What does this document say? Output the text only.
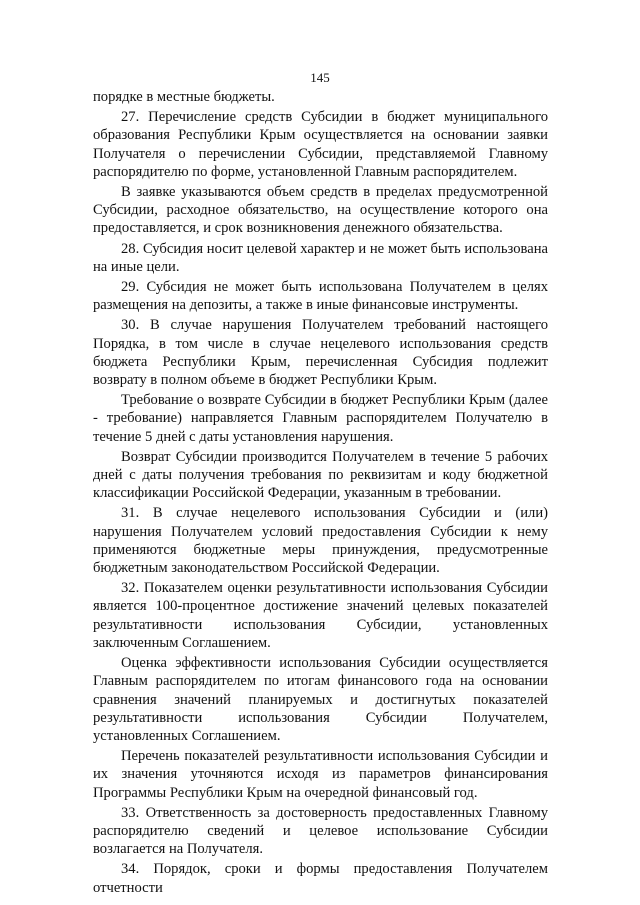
145

порядке в местные бюджеты.

27. Перечисление средств Субсидии в бюджет муниципального образования Республики Крым осуществляется на основании заявки Получателя о перечислении Субсидии, представляемой Главному распорядителю по форме, установленной Главным распорядителем.

В заявке указываются объем средств в пределах предусмотренной Субсидии, расходное обязательство, на осуществление которого она предоставляется, и срок возникновения денежного обязательства.

28. Субсидия носит целевой характер и не может быть использована на иные цели.

29. Субсидия не может быть использована Получателем в целях размещения на депозиты, а также в иные финансовые инструменты.

30. В случае нарушения Получателем требований настоящего Порядка, в том числе в случае нецелевого использования средств бюджета Республики Крым, перечисленная Субсидия подлежит возврату в полном объеме в бюджет Республики Крым.

Требование о возврате Субсидии в бюджет Республики Крым (далее - требование) направляется Главным распорядителем Получателю в течение 5 дней с даты установления нарушения.

Возврат Субсидии производится Получателем в течение 5 рабочих дней с даты получения требования по реквизитам и коду бюджетной классификации Российской Федерации, указанным в требовании.

31. В случае нецелевого использования Субсидии и (или) нарушения Получателем условий предоставления Субсидии к нему применяются бюджетные меры принуждения, предусмотренные бюджетным законодательством Российской Федерации.

32. Показателем оценки результативности использования Субсидии является 100-процентное достижение значений целевых показателей результативности использования Субсидии, установленных заключенным Соглашением.

Оценка эффективности использования Субсидии осуществляется Главным распорядителем по итогам финансового года на основании сравнения значений планируемых и достигнутых показателей результативности использования Субсидии Получателем, установленных Соглашением.

Перечень показателей результативности использования Субсидии и их значения уточняются исходя из параметров финансирования Программы Республики Крым на очередной финансовый год.

33. Ответственность за достоверность предоставленных Главному распорядителю сведений и целевое использование Субсидии возлагается на Получателя.

34. Порядок, сроки и формы предоставления Получателем отчетности
